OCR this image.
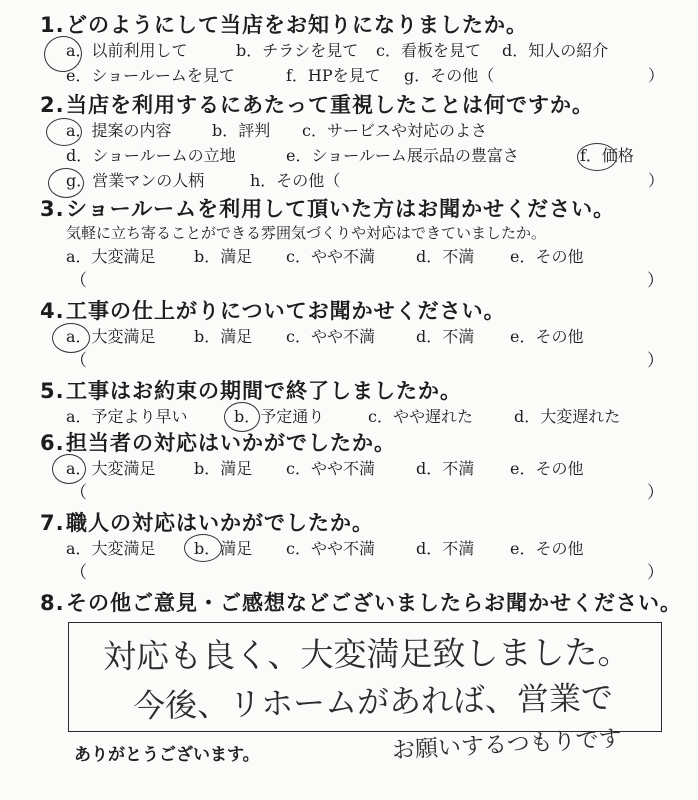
1.どのようにして当店をお知りになりましたか。
a．以前利用して	b．チラシを見て c．看板を見て d．知人の紹介
e．ショールームを見て	f．HPを見て g．その他（	）
2.当店を利用するにあたって重視したことは何ですか。
a．提案の内容	b．評判 c．サービスや対応のよさ
d．ショールームの立地	e．ショールーム展示品の豊富さ	f．価格
g．営業マンの人柄	h．その他（	）
3.ショールームを利用して頂いた方はお聞かせください。
気軽に立ち寄ることができる雰囲気づくりや対応はできていましたか。
a．大変満足 b．満足 c．やや不満	d．不満 e．その他
（	）
4.工事の仕上がりについてお聞かせください。
a．大変満足 b．満足 c．やや不満	d．不満 e．その他
（	）
5.工事はお約束の期間で終了しましたか。
a．予定より早い	b．予定通り	c．やや遅れた	d．大変遅れた
6.担当者の対応はいかがでしたか。
a．大変満足 b．満足 c．やや不満	d．不満 e．その他
（	）
7.職人の対応はいかがでしたか。
a．大変満足 b．満足 c．やや不満	d．不満 e．その他
（	）
8.その他ご意見・ご感想などございましたらお聞かせください。
対応も良く、大変満足致しました。
今後、リホームがあれば、営業で
お願いするつもりです
ありがとうございます。
